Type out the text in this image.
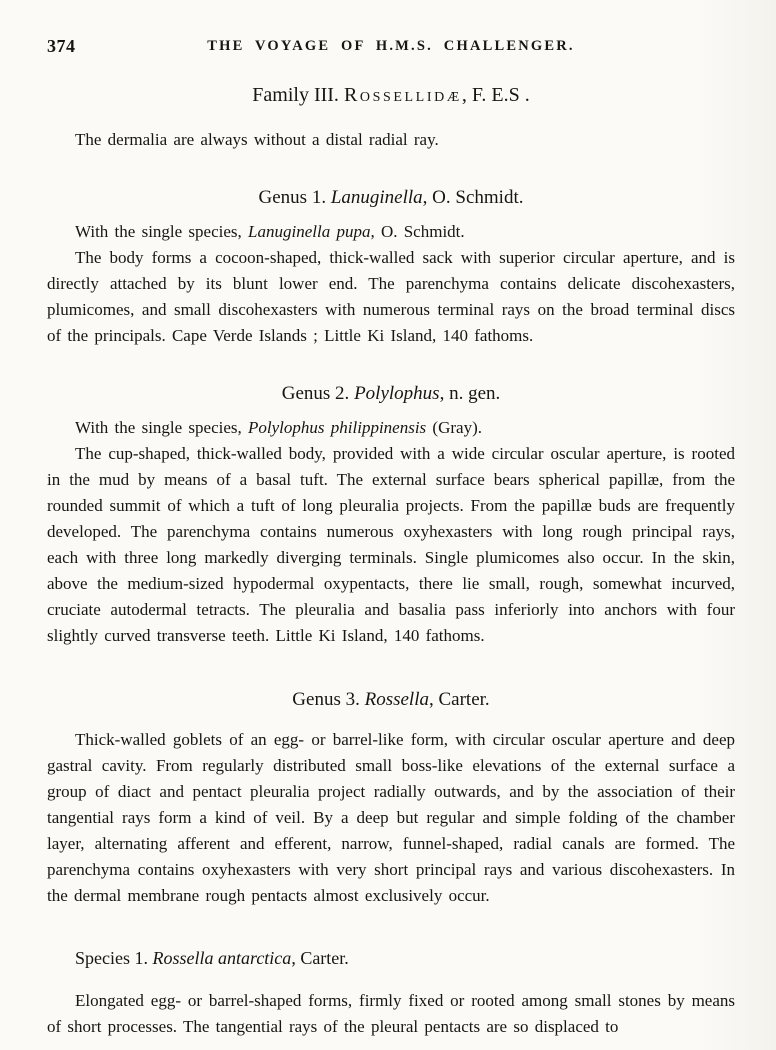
374	THE VOYAGE OF H.M.S. CHALLENGER.

Family III. Rossellidæ, F. E.S .

The dermalia are always without a distal radial ray.

Genus 1. Lanuginella, O. Schmidt.

With the single species, Lanuginella pupa, O. Schmidt.

The body forms a cocoon-shaped, thick-walled sack with superior circular aperture, and is directly attached by its blunt lower end. The parenchyma contains delicate discohexasters, plumicomes, and small discohexasters with numerous terminal rays on the broad terminal discs of the principals. Cape Verde Islands ; Little Ki Island, 140 fathoms.

Genus 2. Polylophus, n. gen.

With the single species, Polylophus philippinensis (Gray).

The cup-shaped, thick-walled body, provided with a wide circular oscular aperture, is rooted in the mud by means of a basal tuft. The external surface bears spherical papillæ, from the rounded summit of which a tuft of long pleuralia projects. From the papillæ buds are frequently developed. The parenchyma contains numerous oxyhexasters with long rough principal rays, each with three long markedly diverging terminals. Single plumicomes also occur. In the skin, above the medium-sized hypodermal oxypentacts, there lie small, rough, somewhat incurved, cruciate autodermal tetracts. The pleuralia and basalia pass inferiorly into anchors with four slightly curved transverse teeth. Little Ki Island, 140 fathoms.

Genus 3. Rossella, Carter.

Thick-walled goblets of an egg- or barrel-like form, with circular oscular aperture and deep gastral cavity. From regularly distributed small boss-like elevations of the external surface a group of diact and pentact pleuralia project radially outwards, and by the association of their tangential rays form a kind of veil. By a deep but regular and simple folding of the chamber layer, alternating afferent and efferent, narrow, funnel-shaped, radial canals are formed. The parenchyma contains oxyhexasters with very short principal rays and various discohexasters. In the dermal membrane rough pentacts almost exclusively occur.

Species 1. Rossella antarctica, Carter.

Elongated egg- or barrel-shaped forms, firmly fixed or rooted among small stones by means of short processes. The tangential rays of the pleural pentacts are so displaced to
